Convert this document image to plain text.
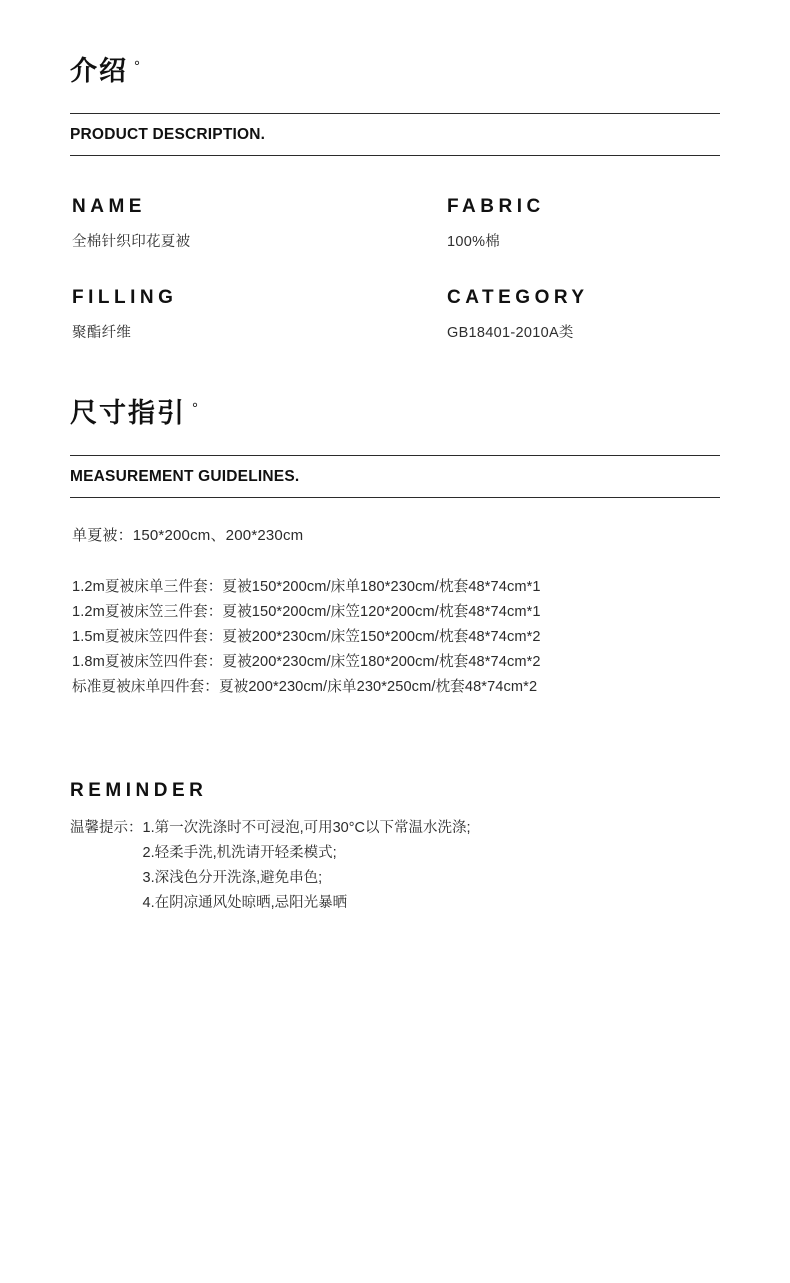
介绍 °
PRODUCT DESCRIPTION.
NAME
全棉针织印花夏被
FABRIC
100%棉
FILLING
聚酯纤维
CATEGORY
GB18401-2010A类
尺寸指引 °
MEASUREMENT GUIDELINES.
单夏被：150*200cm、200*230cm
1.2m夏被床单三件套：夏被150*200cm/床单180*230cm/枕套48*74cm*1
1.2m夏被床笠三件套：夏被150*200cm/床笠120*200cm/枕套48*74cm*1
1.5m夏被床笠四件套：夏被200*230cm/床笠150*200cm/枕套48*74cm*2
1.8m夏被床笠四件套：夏被200*230cm/床笠180*200cm/枕套48*74cm*2
标准夏被床单四件套：夏被200*230cm/床单230*250cm/枕套48*74cm*2
REMINDER
温馨提示： 1.第一次洗涤时不可浸泡,可用30°C以下常温水洗涤;
2.轻柔手洗,机洗请开轻柔模式;
3.深浅色分开洗涤,避免串色;
4.在阴凉通风处晾晒,忌阳光暴晒
